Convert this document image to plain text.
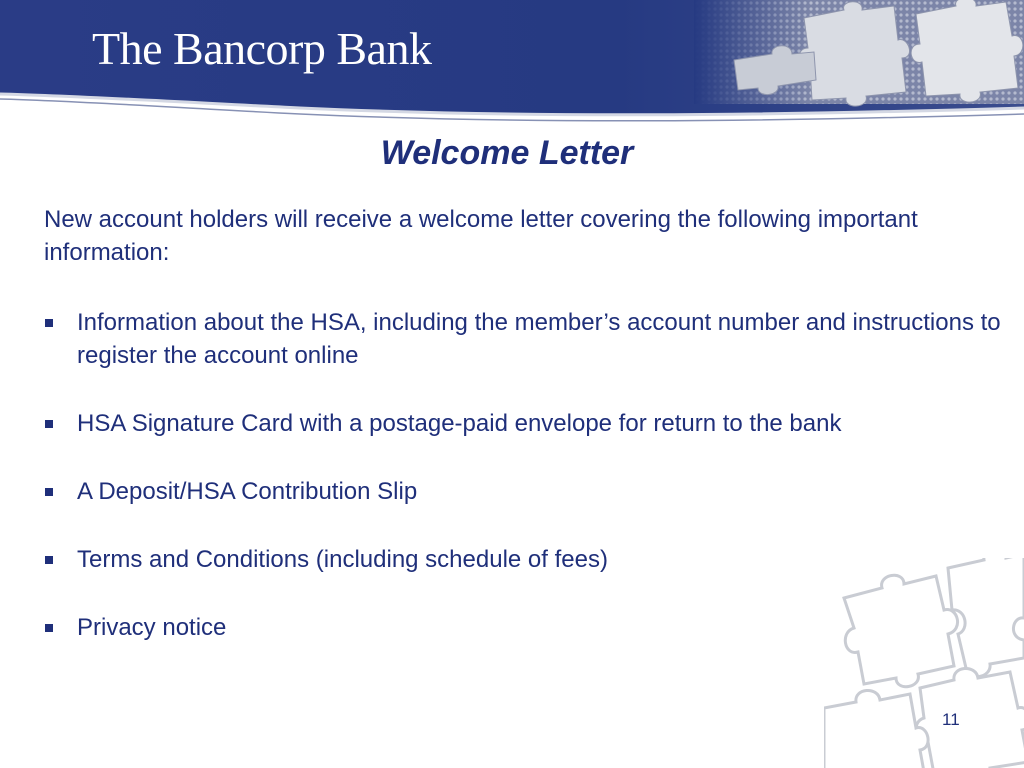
The Bancorp Bank
Welcome Letter
New account holders will receive a welcome letter covering the following important information:
Information about the HSA, including the member’s account number and instructions to register the account online
HSA Signature Card with a postage-paid envelope for return to the bank
A Deposit/HSA Contribution Slip
Terms and Conditions (including schedule of fees)
Privacy notice
11
